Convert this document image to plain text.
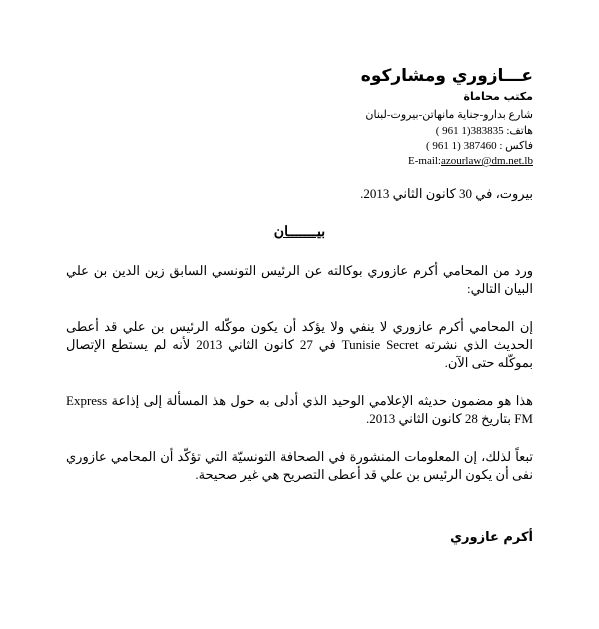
عـــازوري ومشاركوه
مكتب محاماة
شارع بدارو-جناية مانهاتن-بيروت-لبنان
هاتف: 383835(1 961 )
فاكس : 387460 (1 961 )
E-mail:azourlaw@dm.net.lb
بيروت، في 30 كانون الثاني 2013.
بيـــــــان
ورد من المحامي أكرم عازوري بوكالته عن الرئيس التونسي السابق زين الدين بن علي البيان التالي:
إن المحامي أكرم عازوري لا ينفي ولا يؤكد أن يكون موكّله الرئيس بن علي قد أعطى الحديث الذي نشرته Tunisie Secret في 27 كانون الثاني 2013 لأنه لم يستطع الإتصال بموكّله حتى الآن.
هذا هو مضمون حديثه الإعلامي الوحيد الذي أدلى به حول هذ المسألة إلى إذاعة Express FM بتاريخ 28 كانون الثاني 2013.
تبعاً لذلك، إن المعلومات المنشورة في الصحافة التونسيّة التي تؤكّد أن المحامي عازوري نفى أن يكون الرئيس بن علي قد أعطى التصريح هي غير صحيحة.
أكرم عازوري
